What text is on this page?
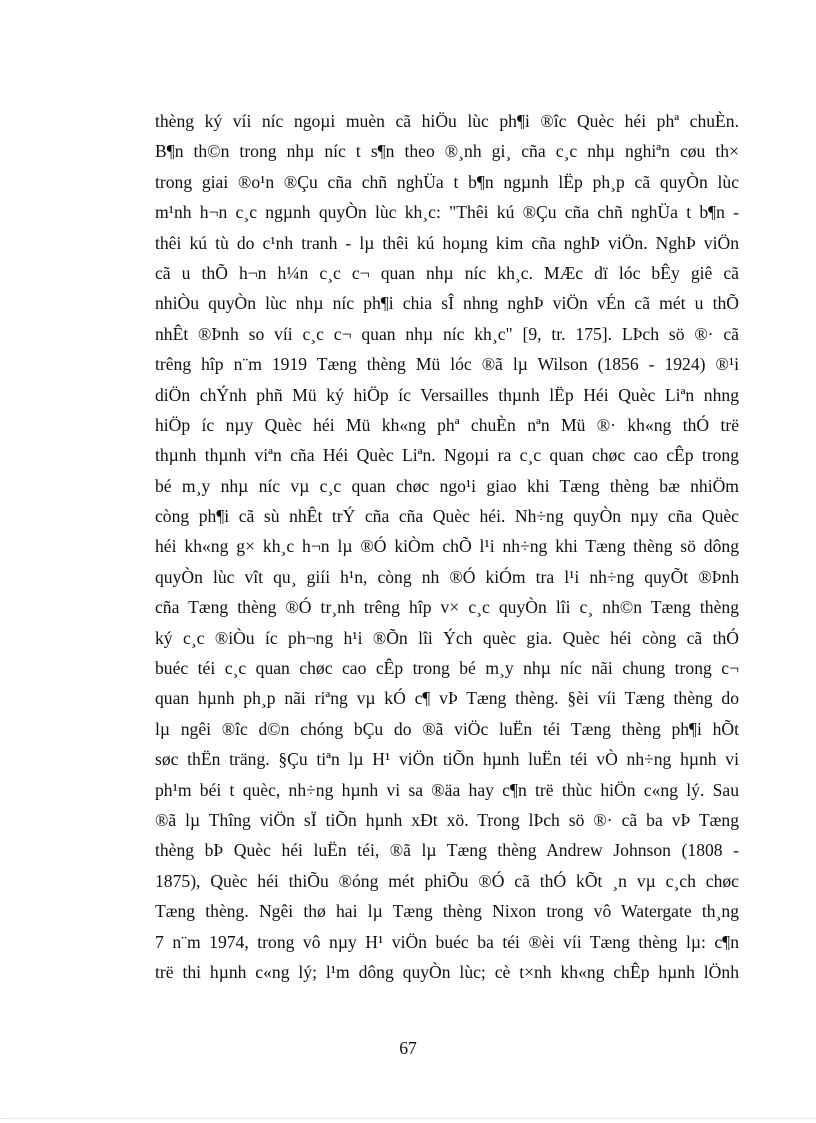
thèng ký víi níc ngoµi muèn cã hiÖu lùc ph¶i ®îc Quèc héi phª chuÈn.
B¶n th©n trong nhµ níc t s¶n theo ®¸nh gi¸ cña c¸c nhµ nghiªn cøu th×
trong giai ®o¹n ®Çu cña chñ nghÜa t b¶n ngµnh lËp ph¸p cã quyÒn lùc
m¹nh h¬n c¸c ngµnh quyÒn lùc kh¸c: "Thêi kú ®Çu cña chñ nghÜa t b¶n -
thêi kú tù do c¹nh tranh - lµ thêi kú hoµng kim cña nghÞ viÖn. NghÞ viÖn
cã u thÕ h¬n h¼n c¸c c¬ quan nhµ níc kh¸c. MÆc dï lóc bÊy giê cã
nhiÒu quyÒn lùc nhµ níc ph¶i chia sÎ nhng nghÞ viÖn vÉn cã mét u thÕ
nhÊt ®Þnh so víi c¸c c¬ quan nhµ níc kh¸c" [9, tr. 175]. LÞch sö ®· cã
trêng hîp n¨m 1919 Tæng thèng Mü lóc ®ã lµ Wilson (1856 - 1924) ®¹i
diÖn chÝnh phñ Mü ký hiÖp íc Versailles thµnh lËp Héi Quèc Liªn nhng
hiÖp íc nµy Quèc héi Mü kh«ng phª chuÈn nªn Mü ®· kh«ng thÓ trë
thµnh thµnh viªn cña Héi Quèc Liªn. Ngoµi ra c¸c quan chøc cao cÊp trong
bé m¸y nhµ níc vµ c¸c quan chøc ngo¹i giao khi Tæng thèng bæ nhiÖm
còng ph¶i cã sù nhÊt trÝ cña cña Quèc héi. Nh÷ng quyÒn nµy cña Quèc
héi kh«ng g× kh¸c h¬n lµ ®Ó kiÒm chÕ l¹i nh÷ng khi Tæng thèng sö dông
quyÒn lùc vît qu¸ giíi h¹n, còng nh ®Ó kiÓm tra l¹i nh÷ng quyÕt ®Þnh
cña Tæng thèng ®Ó tr¸nh trêng hîp v× c¸c quyÒn lîi c¸ nh©n Tæng thèng
ký c¸c ®iÒu íc ph¬ng h¹i ®Õn lîi Ých quèc gia. Quèc héi còng cã thÓ
buéc téi c¸c quan chøc cao cÊp trong bé m¸y nhµ níc nãi chung trong c¬
quan hµnh ph¸p nãi riªng vµ kÓ c¶ vÞ Tæng thèng. §èi víi Tæng thèng do
lµ ngêi ®îc d©n chóng bÇu do ®ã viÖc luËn téi Tæng thèng ph¶i hÕt
søc thËn träng. §Çu tiªn lµ H¹ viÖn tiÕn hµnh luËn téi vÒ nh÷ng hµnh vi
ph¹m béi t quèc, nh÷ng hµnh vi sa ®äa hay c¶n trë thùc hiÖn c«ng lý. Sau
®ã lµ Thîng viÖn sÏ tiÕn hµnh xÐt xö. Trong lÞch sö ®· cã ba vÞ Tæng
thèng bÞ Quèc héi luËn téi, ®ã lµ Tæng thèng Andrew Johnson (1808 -
1875), Quèc héi thiÕu ®óng mét phiÕu ®Ó cã thÓ kÕt ¸n vµ c¸ch chøc
Tæng thèng. Ngêi thø hai lµ Tæng thèng Nixon trong vô Watergate th¸ng
7 n¨m 1974, trong vô nµy H¹ viÖn buéc ba téi ®èi víi Tæng thèng lµ: c¶n
trë thi hµnh c«ng lý; l¹m dông quyÒn lùc; cè t×nh kh«ng chÊp hµnh lÖnh
67
